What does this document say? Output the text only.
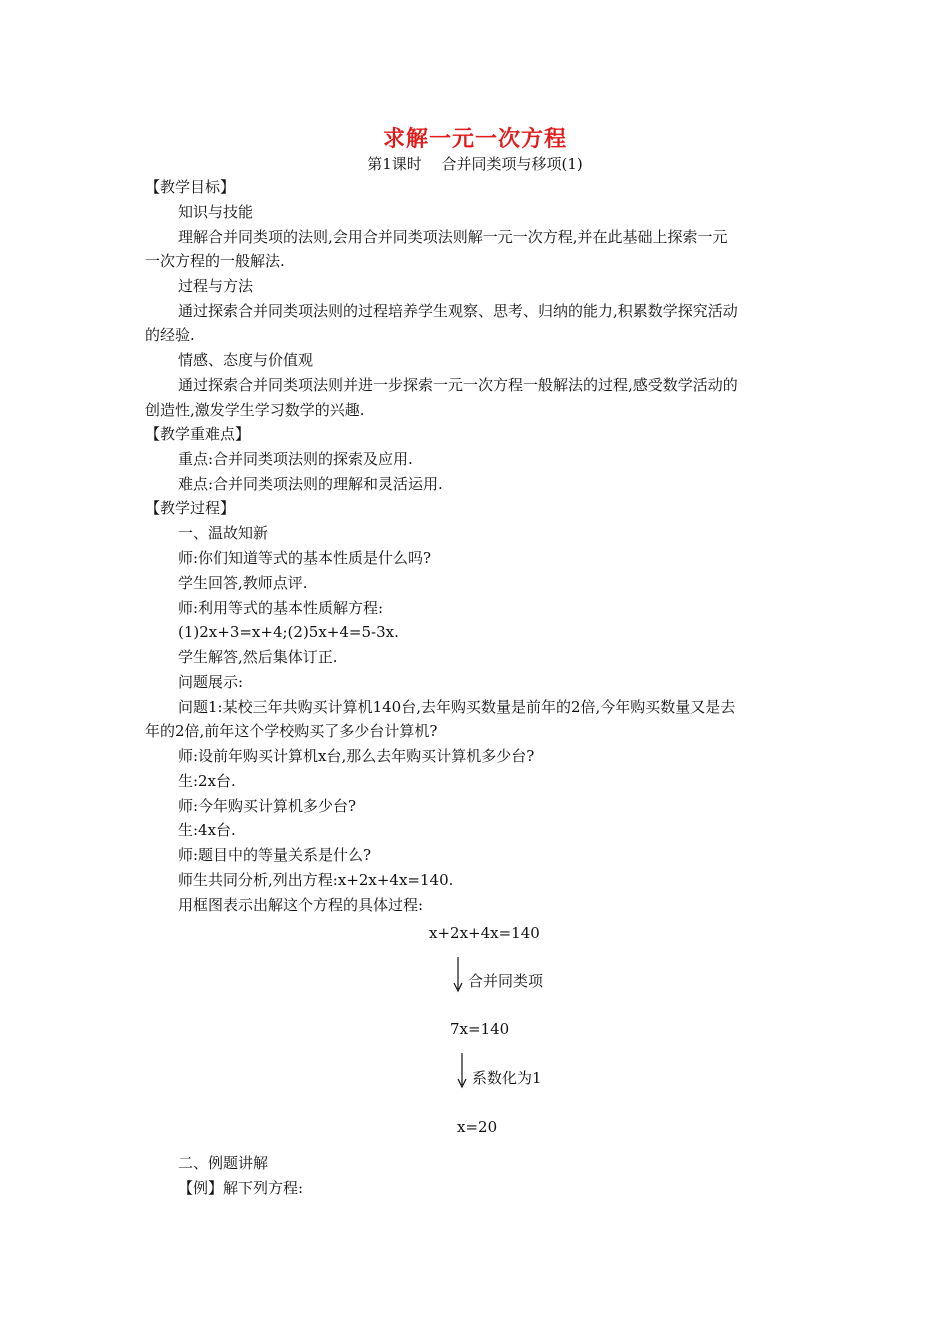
求解一元一次方程
第1课时　 合并同类项与移项(1)
【教学目标】
知识与技能
理解合并同类项的法则,会用合并同类项法则解一元一次方程,并在此基础上探索一元
一次方程的一般解法.
过程与方法
通过探索合并同类项法则的过程培养学生观察、思考、归纳的能力,积累数学探究活动
的经验.
情感、态度与价值观
通过探索合并同类项法则并进一步探索一元一次方程一般解法的过程,感受数学活动的
创造性,激发学生学习数学的兴趣.
【教学重难点】
重点:合并同类项法则的探索及应用.
难点:合并同类项法则的理解和灵活运用.
【教学过程】
一、温故知新
师:你们知道等式的基本性质是什么吗?
学生回答,教师点评.
师:利用等式的基本性质解方程:
(1)2x+3=x+4;(2)5x+4=5-3x.
学生解答,然后集体订正.
问题展示:
问题1:某校三年共购买计算机140台,去年购买数量是前年的2倍,今年购买数量又是去
年的2倍,前年这个学校购买了多少台计算机?
师:设前年购买计算机x台,那么去年购买计算机多少台?
生:2x台.
师:今年购买计算机多少台?
生:4x台.
师:题目中的等量关系是什么?
师生共同分析,列出方程:x+2x+4x=140.
用框图表示出解这个方程的具体过程:
x+2x+4x=140
合并同类项
7x=140
系数化为1
x=20
二、例题讲解
【例】解下列方程:
